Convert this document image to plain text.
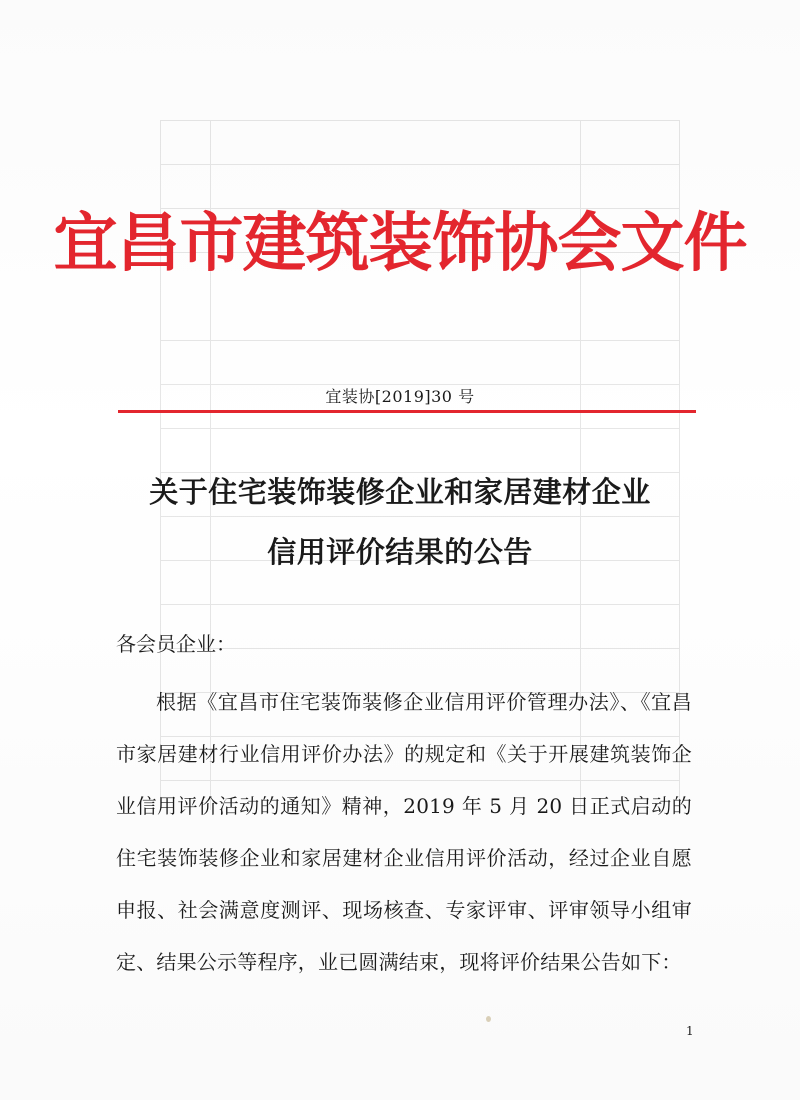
宜昌市建筑装饰协会文件
宜装协[2019]30 号
关于住宅装饰装修企业和家居建材企业
信用评价结果的公告
各会员企业：
根据《宜昌市住宅装饰装修企业信用评价管理办法》、《宜昌市家居建材行业信用评价办法》的规定和《关于开展建筑装饰企业信用评价活动的通知》精神，2019 年 5 月 20 日正式启动的住宅装饰装修企业和家居建材企业信用评价活动，经过企业自愿申报、社会满意度测评、现场核查、专家评审、评审领导小组审定、结果公示等程序，业已圆满结束，现将评价结果公告如下：
1
